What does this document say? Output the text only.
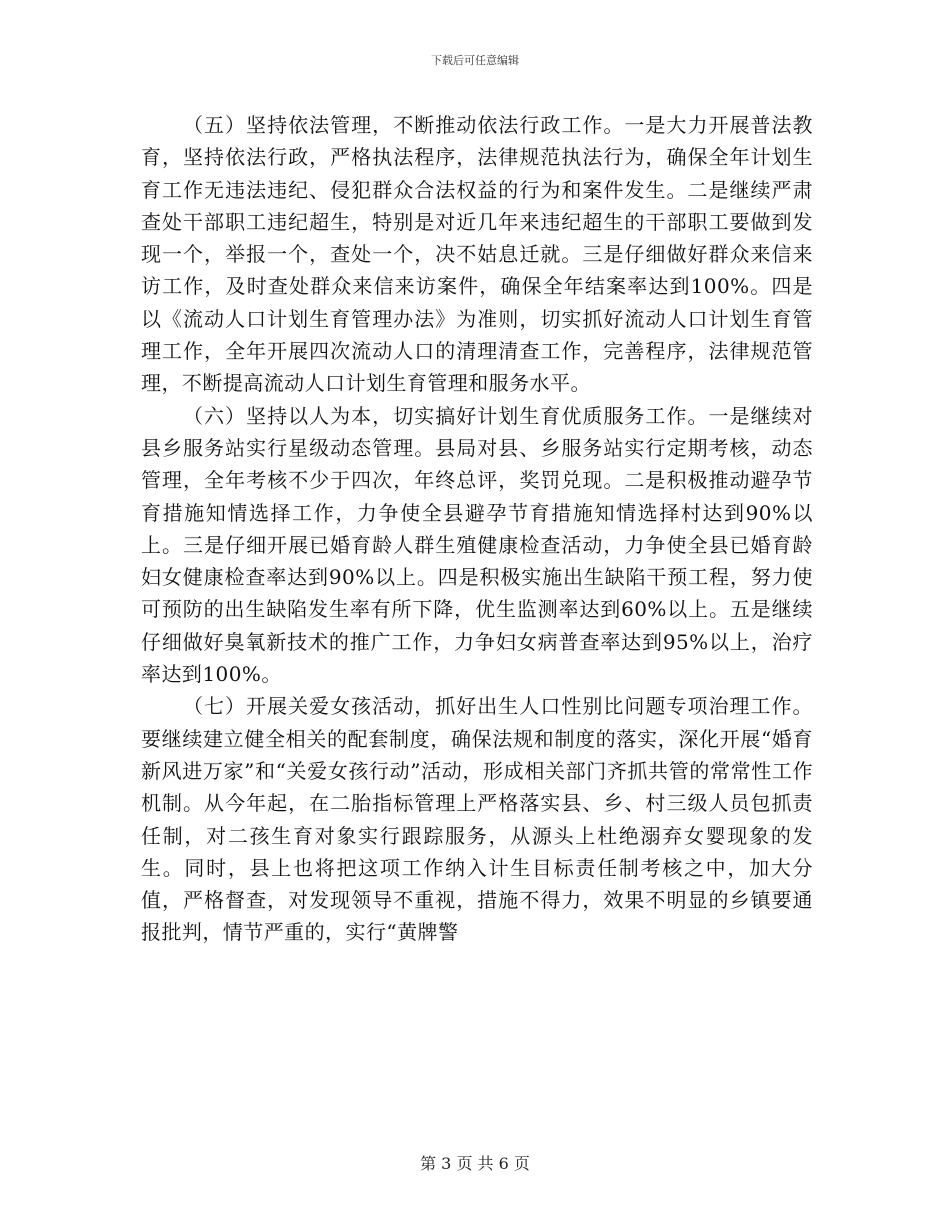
下载后可任意编辑

（五）坚持依法管理，不断推动依法行政工作。一是大力开展普法教育，坚持依法行政，严格执法程序，法律规范执法行为，确保全年计划生育工作无违法违纪、侵犯群众合法权益的行为和案件发生。二是继续严肃查处干部职工违纪超生，特别是对近几年来违纪超生的干部职工要做到发现一个，举报一个，查处一个，决不姑息迁就。三是仔细做好群众来信来访工作，及时查处群众来信来访案件，确保全年结案率达到100%。四是以《流动人口计划生育管理办法》为准则，切实抓好流动人口计划生育管理工作，全年开展四次流动人口的清理清查工作，完善程序，法律规范管理，不断提高流动人口计划生育管理和服务水平。

（六）坚持以人为本，切实搞好计划生育优质服务工作。一是继续对县乡服务站实行星级动态管理。县局对县、乡服务站实行定期考核，动态管理，全年考核不少于四次，年终总评，奖罚兑现。二是积极推动避孕节育措施知情选择工作，力争使全县避孕节育措施知情选择村达到90%以上。三是仔细开展已婚育龄人群生殖健康检查活动，力争使全县已婚育龄妇女健康检查率达到90%以上。四是积极实施出生缺陷干预工程，努力使可预防的出生缺陷发生率有所下降，优生监测率达到60%以上。五是继续仔细做好臭氧新技术的推广工作，力争妇女病普查率达到95%以上，治疗率达到100%。

（七）开展关爱女孩活动，抓好出生人口性别比问题专项治理工作。要继续建立健全相关的配套制度，确保法规和制度的落实，深化开展“婚育新风进万家”和“关爱女孩行动”活动，形成相关部门齐抓共管的常常性工作机制。从今年起，在二胎指标管理上严格落实县、乡、村三级人员包抓责任制，对二孩生育对象实行跟踪服务，从源头上杜绝溺弃女婴现象的发生。同时，县上也将把这项工作纳入计生目标责任制考核之中，加大分值，严格督查，对发现领导不重视，措施不得力，效果不明显的乡镇要通报批判，情节严重的，实行“黄牌警

第 3 页 共 6 页
